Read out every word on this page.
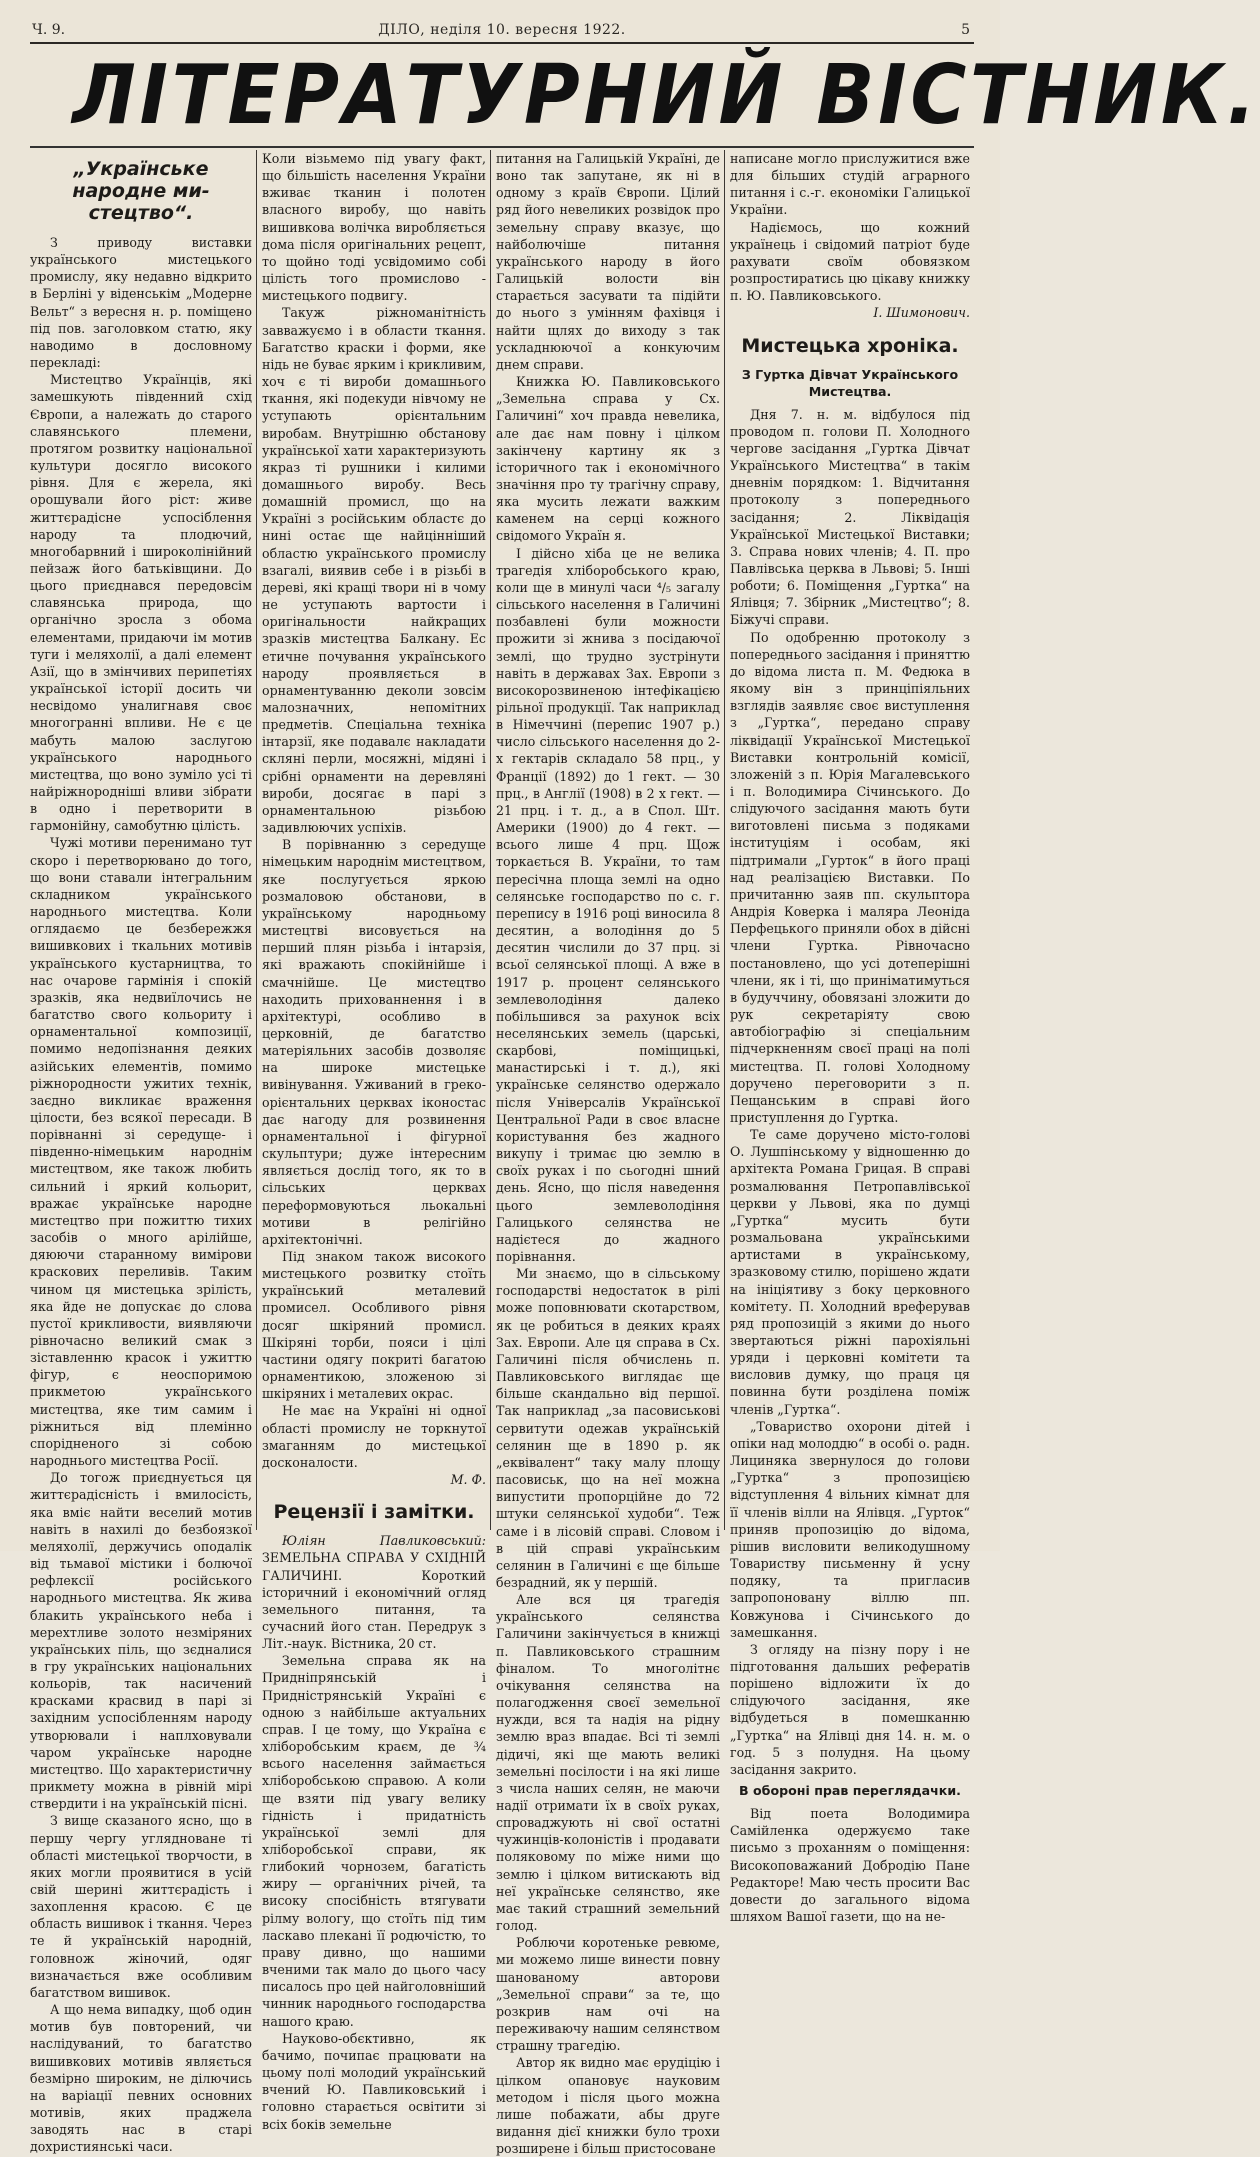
Ч. 9.	ДІЛО, неділя 10. вересня 1922.	5
ЛІТЕРАТУРНИЙ ВІСТНИК.
„Українське народне ми-стецтво“.

З приводу виставки українського мистецького промислу, яку недавно відкрито в Берліні у віденськім „Модерне Вельт“ з вересня н. р. поміщено під пов. заголовком статю, яку наводимо в дословному перекладі:

Мистецтво Українців, які замешкують південний схід Європи, а належать до старого славянського племени, протягом розвитку національної культури досягло високого рівня. Для є жерела, які орошували його ріст: живе життєрадісне успосіблення народу та плодючий, многобарвний і широколінійний пейзаж його батьківщини. До цього приєднався передовсім славянська природа, що органічно зросла з обома елементами, придаючи ім мотив туги і меляхолії, а далі елемент Азії, що в змінчивих перипетіях української історії досить чи несвідомо уналигнавя своє многогранні впливи. Не є це мабуть малою заслугою українського народнього мистецтва, що воно зуміло усі ті найріжнородніші вливи зібрати в одно і перетворити в гармонійну, самобутню цілість.

Чужі мотиви перенимано тут скоро і перетворювано до того, що вони ставали інтегральним складником українського народнього мистецтва. Коли оглядаємо це безбережжя вишивкових і ткальних мотивів українського кустарництва, то нас очарове гармінія і спокій зразків, яка недвиїлочись не багатство свого кольориту і орнаментальної композиції, помимо недопізнання деяких азійських елементів, помимо ріжнородности ужитих технік, заєдно викликає враження цілости, без всякої пересади. В порівнанні зі середуще- і південно-німецьким народнім мистецтвом, яке також любить сильний і яркий кольорит, вражає українське народне мистецтво при пожиттю тихих засобів о много арілійше, дяюючи старанному вимірови краскових переливів. Таким чином ця мистецька зрілість, яка йде не допускає до слова пустої крикливости, виявляючи рівночасно великий смак з зіставленню красок і ужиттю фігур, є неоспоримою прикметою українського мистецтва, яке тим самим і ріжниться від племінно спорідненого зі собою народнього мистецтва Росії.

До тогож приєднується ця життєрадісність і вмилосість, яка вміє найти веселий мотив навіть в нахилі до безбоязкої меляхолії, держучись оподалік від тьмавої містики і болючої рефлексії російського народнього мистецтва. Як жива блакить українського неба і мерехтливе золото незміряних українських піль, що зєдналися в гру українських національних кольорів, так насичений красками красвид в парі зі західним успосібленням народу утворювали і наплховували чаром українське народне мистецтво. Що характеристичну прикмету можна в рівній мірі ствердити і на українській пісні.

З вище сказаного ясно, що в першу чергу углядноване ті області мистецької творчости, в яких могли проявитися в усій свій шерині життєрадість і захоплення красою. Є це область вишивок і ткання. Через те й українській народній, головнож жіночий, одяг визначається вже особливим багатством вишивок.

А що нема випадку, щоб один мотив був повторений, чи наслідуваний, то багатство вишивкових мотивів являється безмірно широким, не ділючись на варіації певних основних мотивів, яких праджела заводять нас в старі дохристиянські часи.

Коли візьмемо під увагу факт, що більшість населення України вживає тканин і полотен власного виробу, що навіть вишивкова волічка виробляється дома після оригінальних рецепт, то щойно тоді усвідомимо собі цілість того промислово - мистецького подвигу.

Такуж ріжноманітність завважуємо і в области ткання. Багатство краски і форми, яке нідь не буває ярким і крикливим, хоч є ті вироби домашнього ткання, які подекуди нівчому не уступають орієнтальним виробам. Внутрішню обстанову української хати характеризують якраз ті рушники і килими домашнього виробу. Весь домашній промисл, що на Україні з російським областє до нині остає ще найцінніший областю українського промислу взагалі, виявив себе і в різьбі в дереві, які кращі твори ні в чому не уступають вартости і оригінальности найкращих зразків мистецтва Балкану. Ес етичне почування українського народу проявляється в орнаментуванню деколи зовсім малозначних, непомітних предметів. Спеціальна техніка інтарзії, яке подавалє накладати скляні перли, мосяжні, мідяні і срібні орнаменти на деревляні вироби, досягає в парі з орнаментальною різьбою задивлюючих успіхів.

В порівнанню з середуще німецьким народнім мистецтвом, яке послугується яркою розмаловою обстанови, в українському народньому мистецтві висовується на перший плян різьба і інтарзія, які вражають спокійнійше і смачнійше. Це мистецтво находить прихованнення і в архітектурі, особливо в церковній, де багатство матеріяльних засобів дозволяє на широке мистецьке вивінування. Уживаний в греко-орієнтальних церквах іконостас дає нагоду для розвинення орнаментальної і фігурної скульптури; дуже інтересним являється дослід того, як то в сільських церквах переформовуються льокальні мотиви в релігійно архітектонічні.

Під знаком також високого мистецького розвитку стоїть український металевий промисел. Особливого рівня досяг шкіряний промисл. Шкіряні торби, пояси і цілі частини одягу покриті багатою орнаментикою, зложеною зі шкіряних і металевих окрас.

Не має на Україні ні одної області промислу не торкнутої змаганням до мистецької досконалости.

М. Ф.

Рецензії і замітки.

Юліян Павликовський: ЗЕМЕЛЬНА СПРАВА У СХІДНІЙ ГАЛИЧИНІ. Короткий історичний і економічний огляд земельного питання, та сучасний його стан. Передрук з Літ.-наук. Вістника, 20 ст.

Земельна справа як на Придніпрянській і Придністрянській Україні є одною з найбільше актуальних справ. І це тому, що Україна є хліборобським краєм, де ¾ всього населення займається хліборобською справою. А коли ще взяти під увагу велику гідність і придатність української землі для хліборобської справи, як глибокий чорнозем, багатість жиру — органічних річей, та високу спосібність втягувати рілму вологу, що стоїть під тим ласкаво плекані її родючістю, то праву дивно, що нашими вченими так мало до цього часу писалось про цей найголовніший чинник народнього господарства нашого краю.

Науково-обєктивно, як бачимо, почипає працювати на цьому полі молодий український вчений Ю. Павликовський і головно старається освітити зі всіх боків земельне

питання на Галицькій Україні, де воно так запутане, як ні в одному з країв Європи. Цілий ряд його невеликих розвідок про земельну справу вказує, що найболючіше питання українського народу в його Галицькій волости він старається засувати та підійти до нього з умінням фахівця і найти щлях до виходу з так ускладнюючої а конкуючим днем справи.

Книжка Ю. Павликовського „Земельна справа у Сх. Галичині“ хоч правда невелика, але дає нам повну і цілком закінчену картину як з історичного так і економічного значіння про ту трагічну справу, яка мусить лежати важким каменем на серці кожного свідомого Україн я.

І дійсно хіба це не велика трагедія хліборобського краю, коли ще в минулі часи ⁴/₅ загалу сільського населення в Галичині позбавлені були можности прожити зі жнива з посідаючої землі, що трудно зустрінути навіть в державах Зах. Европи з високорозвиненою інтефікацією рільної продукції. Так наприклад в Німеччині (перепис 1907 р.) число сільського населення до 2-х гектарів складало 58 прц., у Франції (1892) до 1 гект. — 30 прц., в Англії (1908) в 2 х гект. — 21 прц. і т. д., а в Спол. Шт. Америки (1900) до 4 гект. — всього лише 4 прц. Щож торкається В. України, то там пересічна площа землі на одно селянське господарство по с. г. перепису в 1916 році виносила 8 десятин, а володіння до 5 десятин числили до 37 прц. зі всьої селянської площі. А вже в 1917 р. процент селянського землеволодіння далеко побільшився за рахунок всіх неселянських земель (царські, скарбові, поміщицькі, манастирські і т. д.), які українське селянство одержало після Універсалів Української Центральної Ради в своє власне користування без жадного викупу і тримає цю землю в своїх руках і по сьогодні шний день. Ясно, що після наведення цього землеволодіння Галицького селянства не надієтеся до жадного порівнання.

Ми знаємо, що в сільському господарстві недостаток в рілі може поповнювати скотарством, як це робиться в деяких краях Зах. Европи. Але ця справа в Сх. Галичині після обчислень п. Павликовського виглядає ще більше скандально від першої. Так наприклад „за пасовиськові сервитути одежав українській селянин ще в 1890 р. як „еквівалент“ таку малу площу пасовиськ, що на неї можна випустити пропорційне до 72 штуки селянської худоби“. Теж саме і в лісовій справі. Словом і в цій справі українським селянин в Галичині є ще більше безрадний, як у першій.

Але вся ця трагедія українського селянства Галичини закінчується в книжці п. Павликовського страшним фіналом. То многолітнє очікування селянства на полагодження своєї земельної нужди, вся та надія на рідну землю враз впадає. Всі ті землі дідичі, які ще мають великі земельні посілости і на які лише з числа наших селян, не маючи надії отримати їх в своїх руках, спроваджують ні свої остатні чужинців-колоністів і продавати поляковому по міже ними що землю і цілком витискають від неї українське селянство, яке має такий страшний земельний голод.

Роблючи коротеньке ревюме, ми можемо лише винести повну шанованому авторови „Земельної справи“ за те, що розкрив нам очі на переживаючу нашим селянством страшну трагедію.

Автор як видно має ерудіцію і цілком опановує науковим методом і після цього можна лише побажати, абы друге видання дієї книжки було трохи розширене і більш пристосоване

написане могло прислужитися вже для більших студій аграрного питання і с.-г. економіки Галицької України.

Надіємось, що кожний українець і свідомий патріот буде рахувати своїм обовязком розпростиратись цю цікаву книжку п. Ю. Павликовського.

І. Шимонович.

Мистецька хроніка.
З Гуртка Дівчат Українського Мистецтва.

Дня 7. н. м. відбулося під проводом п. голови П. Холодного чергове засідання „Гуртка Дівчат Українського Мистецтва“ в такім дневнім порядком: 1. Відчитання протоколу з попереднього засідання; 2. Ліквідація Української Мистецької Виставки; 3. Справа нових членів; 4. П. про Павлівська церква в Львові; 5. Інші роботи; 6. Поміщення „Гуртка“ на Ялівця; 7. Збірник „Мистецтво“; 8. Біжучі справи.

По одобренню протоколу з попереднього засідання і приняттю до відома листа п. М. Федюка в якому він з принціпіяльних взглядів заявляє своє виступлення з „Гуртка“, передано справу ліквідації Української Мистецької Виставки контрольній комісії, зложеній з п. Юрія Магалевського і п. Володимира Січинського. До слідуючого засідання мають бути виготовлені письма з подяками інституціям і особам, які підтримали „Гурток“ в його праці над реалізацією Виставки. По причитанню заяв пп. скульптора Андрія Коверка і маляра Леоніда Перфецького приняли обох в дійсні члени Гуртка. Рівночасно постановлено, що усі дотеперішні члени, як і ті, що приніматимуться в будуччину, обовязані зложити до рук секретаріяту свою автобіографію зі спеціальним підчеркненням своєї праці на полі мистецтва. П. голові Холодному доручено переговорити з п. Пещанським в справі його приступлення до Гуртка.

Те саме доручено місто-голові О. Лушпінському у відношенню до архітекта Романа Грицая. В справі розмалювання Петропавлівської церкви у Львові, яка по думці „Гуртка“ мусить бути розмальована українськими артистами в українському, зразковому стилю, порішено ждати на ініціятиву з боку церковного комітету. П. Холодний вреферував ряд пропозицій з якими до нього звертаються ріжні парохіяльні уряди і церковні комітети та висловив думку, що праця ця повинна бути розділена поміж членів „Гуртка“.

„Товариство охорони дітей і опіки над молоддю“ в особі о. радн. Лициняка звернулося до голови „Гуртка“ з пропозицією відступлення 4 вільних кімнат для її членів вілли на Ялівця. „Гурток“ приняв пропозицію до відома, рішив висловити великодушному Товариству письменну й усну подяку, та пригласив запропоновану віллю пп. Ковжунова і Січинського до замешкання.

З огляду на пізну пору і не підготовання дальших рефератів порішено відложити їх до слідуючого засідання, яке відбудеться в помешканню „Гуртка“ на Ялівці дня 14. н. м. о год. 5 з полудня. На цьому засідання закрито.

В обороні прав переглядачки.

Від поета Володимира Самійленка одержуємо таке письмо з проханням о поміщення: Високоповажаний Добродію Пане Редакторе! Маю честь просити Вас довести до загального відома шляхом Вашої газети, що на не-
